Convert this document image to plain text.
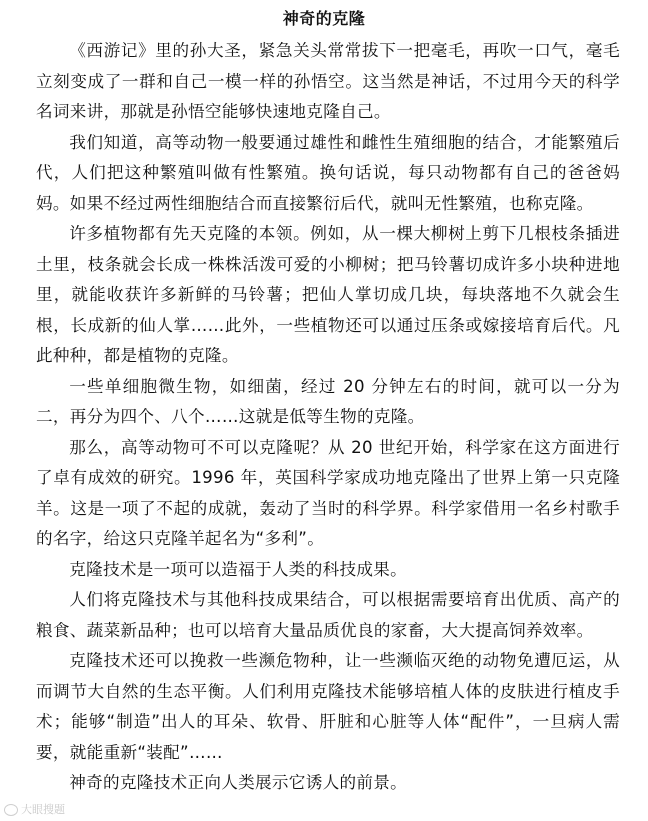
神奇的克隆

《西游记》里的孙大圣，紧急关头常常拔下一把毫毛，再吹一口气，毫毛立刻变成了一群和自己一模一样的孙悟空。这当然是神话，不过用今天的科学名词来讲，那就是孙悟空能够快速地克隆自己。

我们知道，高等动物一般要通过雄性和雌性生殖细胞的结合，才能繁殖后代，人们把这种繁殖叫做有性繁殖。换句话说，每只动物都有自己的爸爸妈妈。如果不经过两性细胞结合而直接繁衍后代，就叫无性繁殖，也称克隆。

许多植物都有先天克隆的本领。例如，从一棵大柳树上剪下几根枝条插进土里，枝条就会长成一株株活泼可爱的小柳树；把马铃薯切成许多小块种进地里，就能收获许多新鲜的马铃薯；把仙人掌切成几块，每块落地不久就会生根，长成新的仙人掌……此外，一些植物还可以通过压条或嫁接培育后代。凡此种种，都是植物的克隆。

一些单细胞微生物，如细菌，经过 20 分钟左右的时间，就可以一分为二，再分为四个、八个……这就是低等生物的克隆。

那么，高等动物可不可以克隆呢？从 20 世纪开始，科学家在这方面进行了卓有成效的研究。1996 年，英国科学家成功地克隆出了世界上第一只克隆羊。这是一项了不起的成就，轰动了当时的科学界。科学家借用一名乡村歌手的名字，给这只克隆羊起名为“多利”。

克隆技术是一项可以造福于人类的科技成果。

人们将克隆技术与其他科技成果结合，可以根据需要培育出优质、高产的粮食、蔬菜新品种；也可以培育大量品质优良的家畜，大大提高饲养效率。

克隆技术还可以挽救一些濒危物种，让一些濒临灭绝的动物免遭厄运，从而调节大自然的生态平衡。人们利用克隆技术能够培植人体的皮肤进行植皮手术；能够“制造”出人的耳朵、软骨、肝脏和心脏等人体“配件”，一旦病人需要，就能重新“装配”……

神奇的克隆技术正向人类展示它诱人的前景。

大眼搜题
